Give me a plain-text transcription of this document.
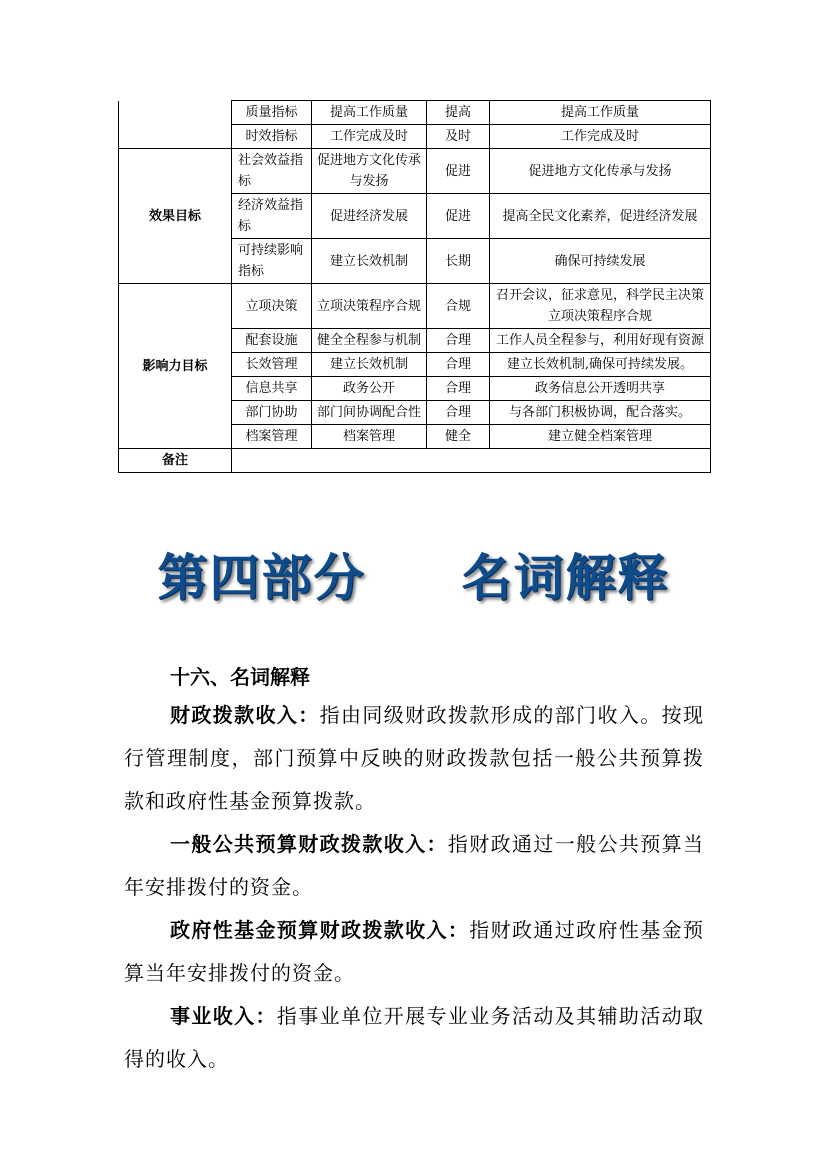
	质量指标	提高工作质量	提高	提高工作质量
	时效指标	工作完成及时	及时	工作完成及时
效果目标	社会效益指标	促进地方文化传承与发扬	促进	促进地方文化传承与发扬
	经济效益指标	促进经济发展	促进	提高全民文化素养，促进经济发展
	可持续影响指标	建立长效机制	长期	确保可持续发展
影响力目标	立项决策	立项决策程序合规	合规	召开会议，征求意见，科学民主决策立项决策程序合规
	配套设施	健全全程参与机制	合理	工作人员全程参与，利用好现有资源
	长效管理	建立长效机制	合理	建立长效机制,确保可持续发展。
	信息共享	政务公开	合理	政务信息公开透明共享
	部门协助	部门间协调配合性	合理	与各部门积极协调，配合落实。
	档案管理	档案管理	健全	建立健全档案管理
备注				
第四部分 名词解释
十六、名词解释

财政拨款收入：指由同级财政拨款形成的部门收入。按现行管理制度，部门预算中反映的财政拨款包括一般公共预算拨款和政府性基金预算拨款。

一般公共预算财政拨款收入：指财政通过一般公共预算当年安排拨付的资金。

政府性基金预算财政拨款收入：指财政通过政府性基金预算当年安排拨付的资金。

事业收入：指事业单位开展专业业务活动及其辅助活动取得的收入。
